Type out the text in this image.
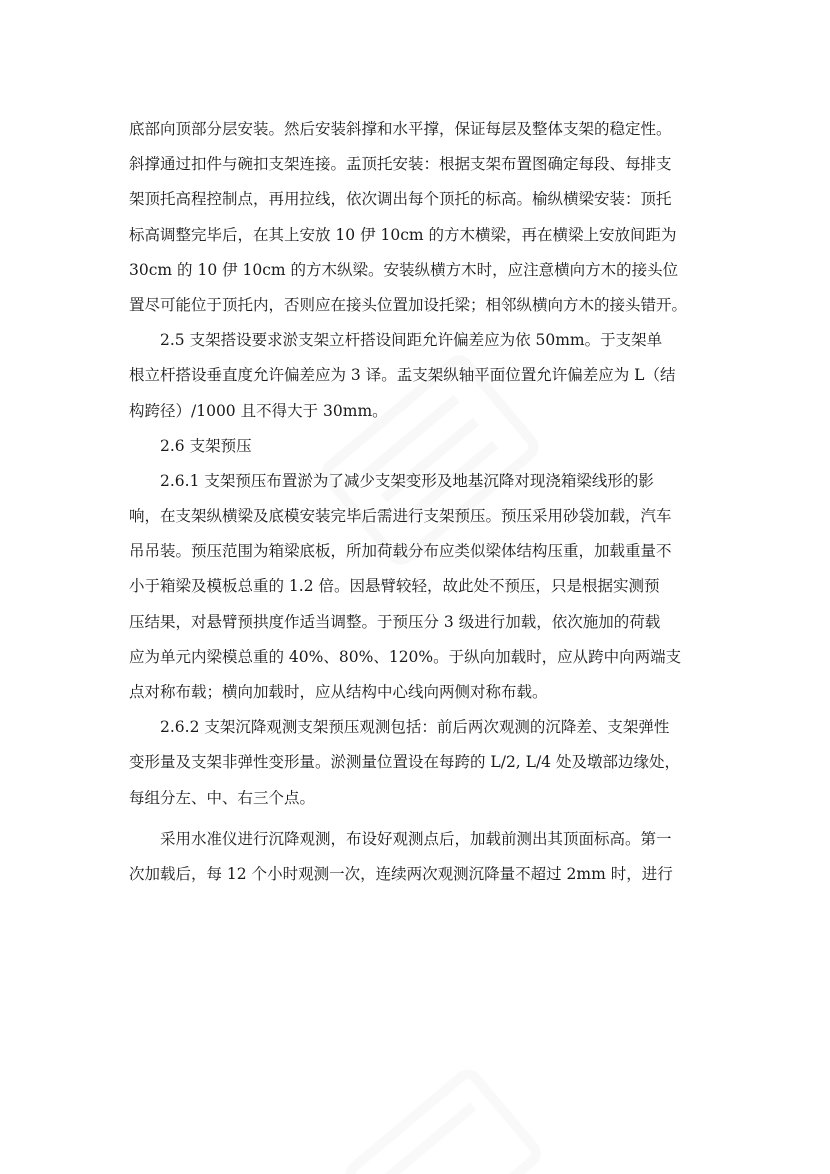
底部向顶部分层安装。然后安装斜撑和水平撑，保证每层及整体支架的稳定性。
斜撑通过扣件与碗扣支架连接。盂顶托安装：根据支架布置图确定每段、每排支
架顶托高程控制点，再用拉线，依次调出每个顶托的标高。榆纵横梁安装：顶托
标高调整完毕后，在其上安放 10 伊 10cm 的方木横梁，再在横梁上安放间距为
30cm 的 10 伊 10cm 的方木纵梁。安装纵横方木时，应注意横向方木的接头位
置尽可能位于顶托内，否则应在接头位置加设托梁；相邻纵横向方木的接头错开。

　　2.5 支架搭设要求淤支架立杆搭设间距允许偏差应为依 50mm。于支架单
根立杆搭设垂直度允许偏差应为 3 译。盂支架纵轴平面位置允许偏差应为 L（结
构跨径）/1000 且不得大于 30mm。

　　2.6 支架预压

　　2.6.1 支架预压布置淤为了减少支架变形及地基沉降对现浇箱梁线形的影
响，在支架纵横梁及底模安装完毕后需进行支架预压。预压采用砂袋加载，汽车
吊吊装。预压范围为箱梁底板，所加荷载分布应类似梁体结构压重，加载重量不
小于箱梁及模板总重的 1.2 倍。因悬臂较轻，故此处不预压，只是根据实测预
压结果，对悬臂预拱度作适当调整。于预压分 3 级进行加载，依次施加的荷载
应为单元内梁模总重的 40%、80%、120%。于纵向加载时，应从跨中向两端支
点对称布载；横向加载时，应从结构中心线向两侧对称布载。

　　2.6.2 支架沉降观测支架预压观测包括：前后两次观测的沉降差、支架弹性
变形量及支架非弹性变形量。淤测量位置设在每跨的 L/2, L/4 处及墩部边缘处，
每组分左、中、右三个点。

　　采用水准仪进行沉降观测，布设好观测点后，加载前测出其顶面标高。第一
次加载后，每 12 个小时观测一次，连续两次观测沉降量不超过 2mm 时，进行
